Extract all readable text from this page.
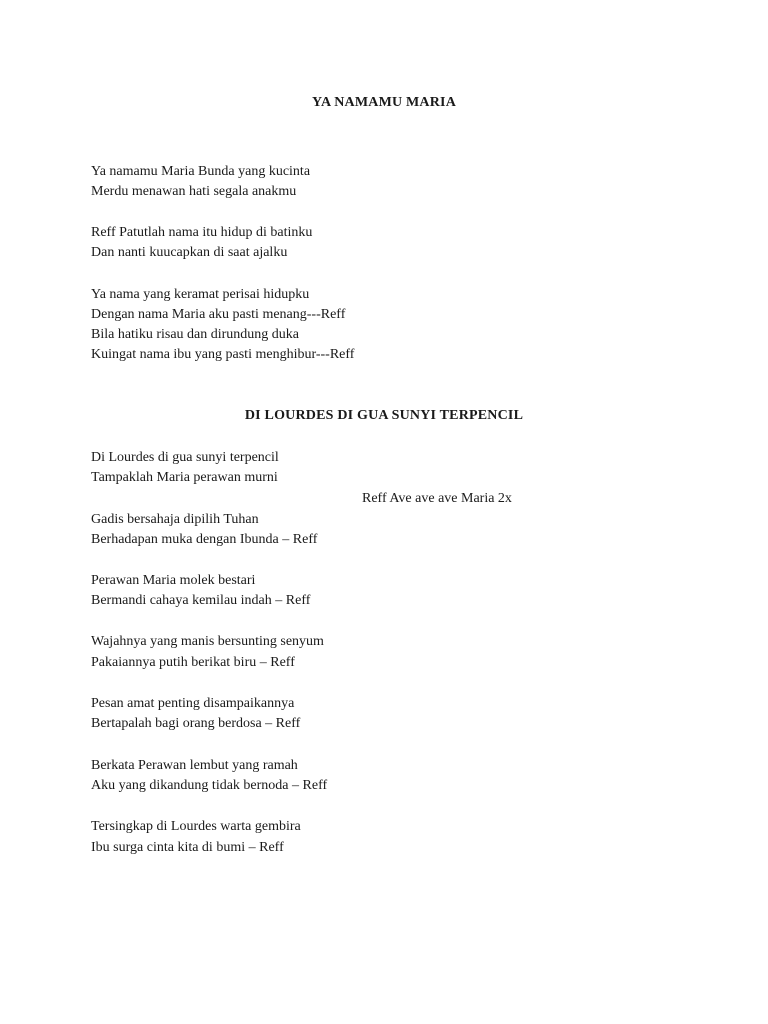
YA NAMAMU MARIA
Ya namamu Maria Bunda yang kucinta
Merdu menawan hati segala anakmu
Reff Patutlah nama itu hidup di batinku
Dan nanti kuucapkan di saat ajalku
Ya nama yang keramat perisai hidupku
Dengan nama Maria aku pasti menang---Reff
Bila hatiku risau dan dirundung duka
Kuingat nama ibu yang pasti menghibur---Reff
DI LOURDES DI GUA SUNYI TERPENCIL
Di Lourdes di gua sunyi terpencil
Tampaklah Maria perawan murni
Reff Ave ave ave Maria 2x
Gadis bersahaja dipilih Tuhan
Berhadapan muka dengan Ibunda – Reff
Perawan Maria molek bestari
Bermandi cahaya kemilau indah – Reff
Wajahnya yang manis bersunting senyum
Pakaiannya putih berikat biru – Reff
Pesan amat penting disampaikannya
Bertapalah bagi orang berdosa – Reff
Berkata Perawan lembut yang ramah
Aku yang dikandung tidak bernoda – Reff
Tersingkap di Lourdes warta gembira
Ibu surga cinta kita di bumi – Reff
